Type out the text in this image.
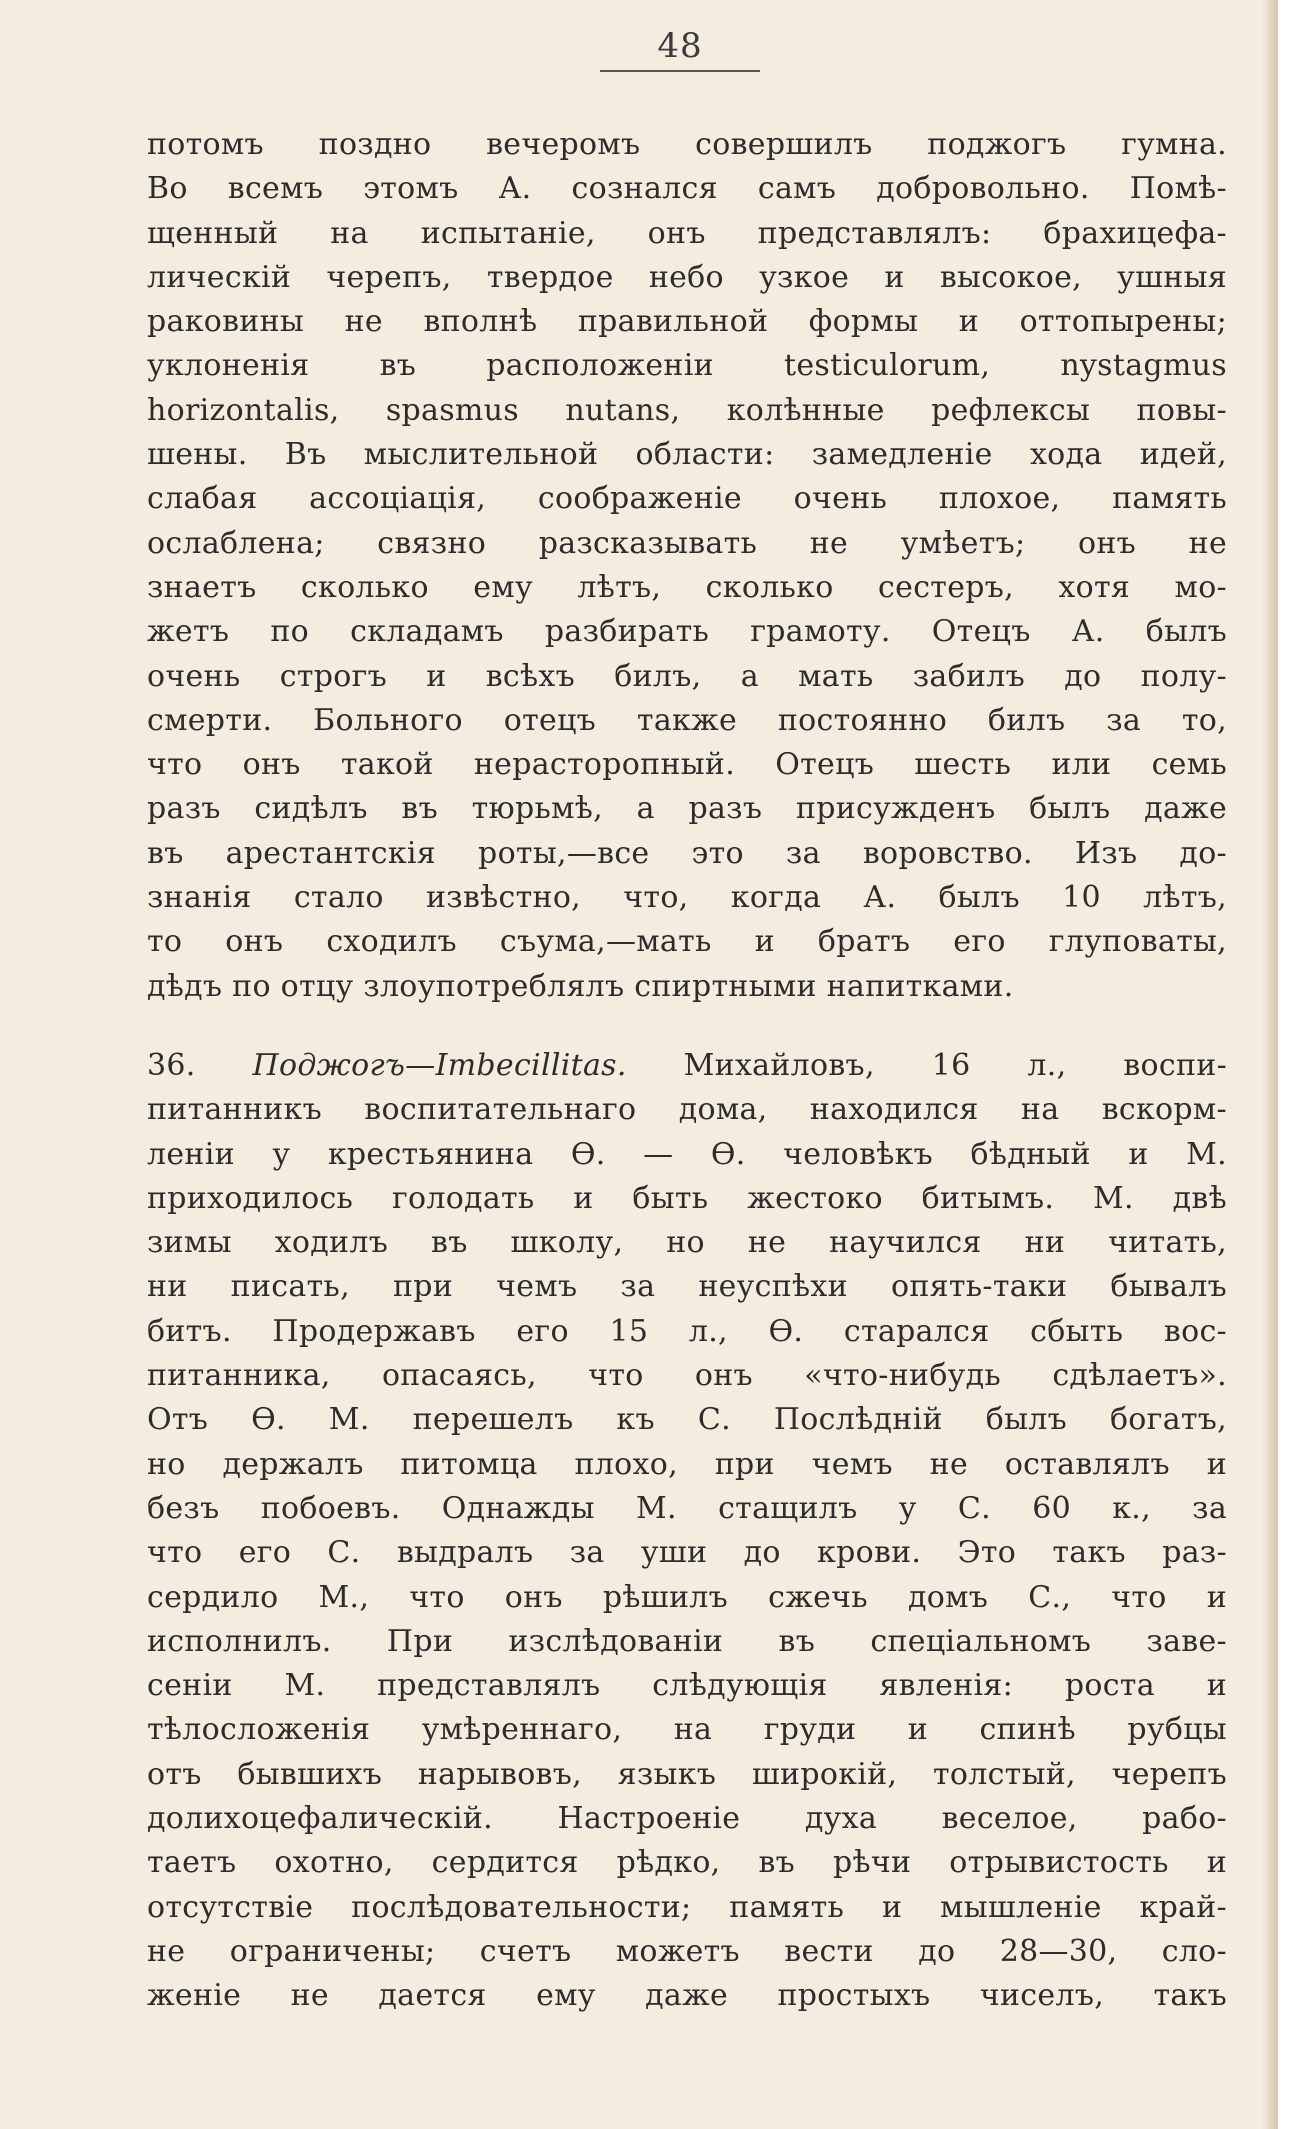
48
потомъ поздно вечеромъ совершилъ поджогъ гумна.
Во всемъ этомъ А. сознался самъ добровольно. Помѣ-
щенный на испытаніе, онъ представлялъ: брахицефа-
лическій черепъ, твердое небо узкое и высокое, ушныя
раковины не вполнѣ правильной формы и оттопырены;
уклоненія въ расположеніи testiculorum, nystagmus
horizontalis, spasmus nutans, колѣнные рефлексы повы-
шены. Въ мыслительной области: замедленіе хода идей,
слабая ассоціація, соображеніе очень плохое, память
ослаблена; связно разсказывать не умѣетъ; онъ не
знаетъ сколько ему лѣтъ, сколько сестеръ, хотя мо-
жетъ по складамъ разбирать грамоту. Отецъ А. былъ
очень строгъ и всѣхъ билъ, а мать забилъ до полу-
смерти. Больного отецъ также постоянно билъ за то,
что онъ такой нерасторопный. Отецъ шесть или семь
разъ сидѣлъ въ тюрьмѣ, а разъ присужденъ былъ даже
въ арестантскія роты,—все это за воровство. Изъ до-
знанія стало извѣстно, что, когда А. былъ 10 лѣтъ,
то онъ сходилъ съума,—мать и братъ его глуповаты,
дѣдъ по отцу злоупотреблялъ спиртными напитками.
36. Поджогъ—Imbecillitas. Михайловъ, 16 л., воспи-
питанникъ воспитательнаго дома, находился на вскорм-
леніи у крестьянина Ѳ. — Ѳ. человѣкъ бѣдный и М.
приходилось голодать и быть жестоко битымъ. М. двѣ
зимы ходилъ въ школу, но не научился ни читать,
ни писать, при чемъ за неуспѣхи опять-таки бывалъ
битъ. Продержавъ его 15 л., Ѳ. старался сбыть вос-
питанника, опасаясь, что онъ «что-нибудь сдѣлаетъ».
Отъ Ѳ. М. перешелъ къ С. Послѣдній былъ богатъ,
но держалъ питомца плохо, при чемъ не оставлялъ и
безъ побоевъ. Однажды М. стащилъ у С. 60 к., за
что его С. выдралъ за уши до крови. Это такъ раз-
сердило М., что онъ рѣшилъ сжечь домъ С., что и
исполнилъ. При изслѣдованіи въ спеціальномъ заве-
сеніи М. представлялъ слѣдующія явленія: роста и
тѣлосложенія умѣреннаго, на груди и спинѣ рубцы
отъ бывшихъ нарывовъ, языкъ широкій, толстый, черепъ
долихоцефалическій. Настроеніе духа веселое, рабо-
таетъ охотно, сердится рѣдко, въ рѣчи отрывистость и
отсутствіе послѣдовательности; память и мышленіе край-
не ограничены; счетъ можетъ вести до 28—30, сло-
женіе не дается ему даже простыхъ чиселъ, такъ
